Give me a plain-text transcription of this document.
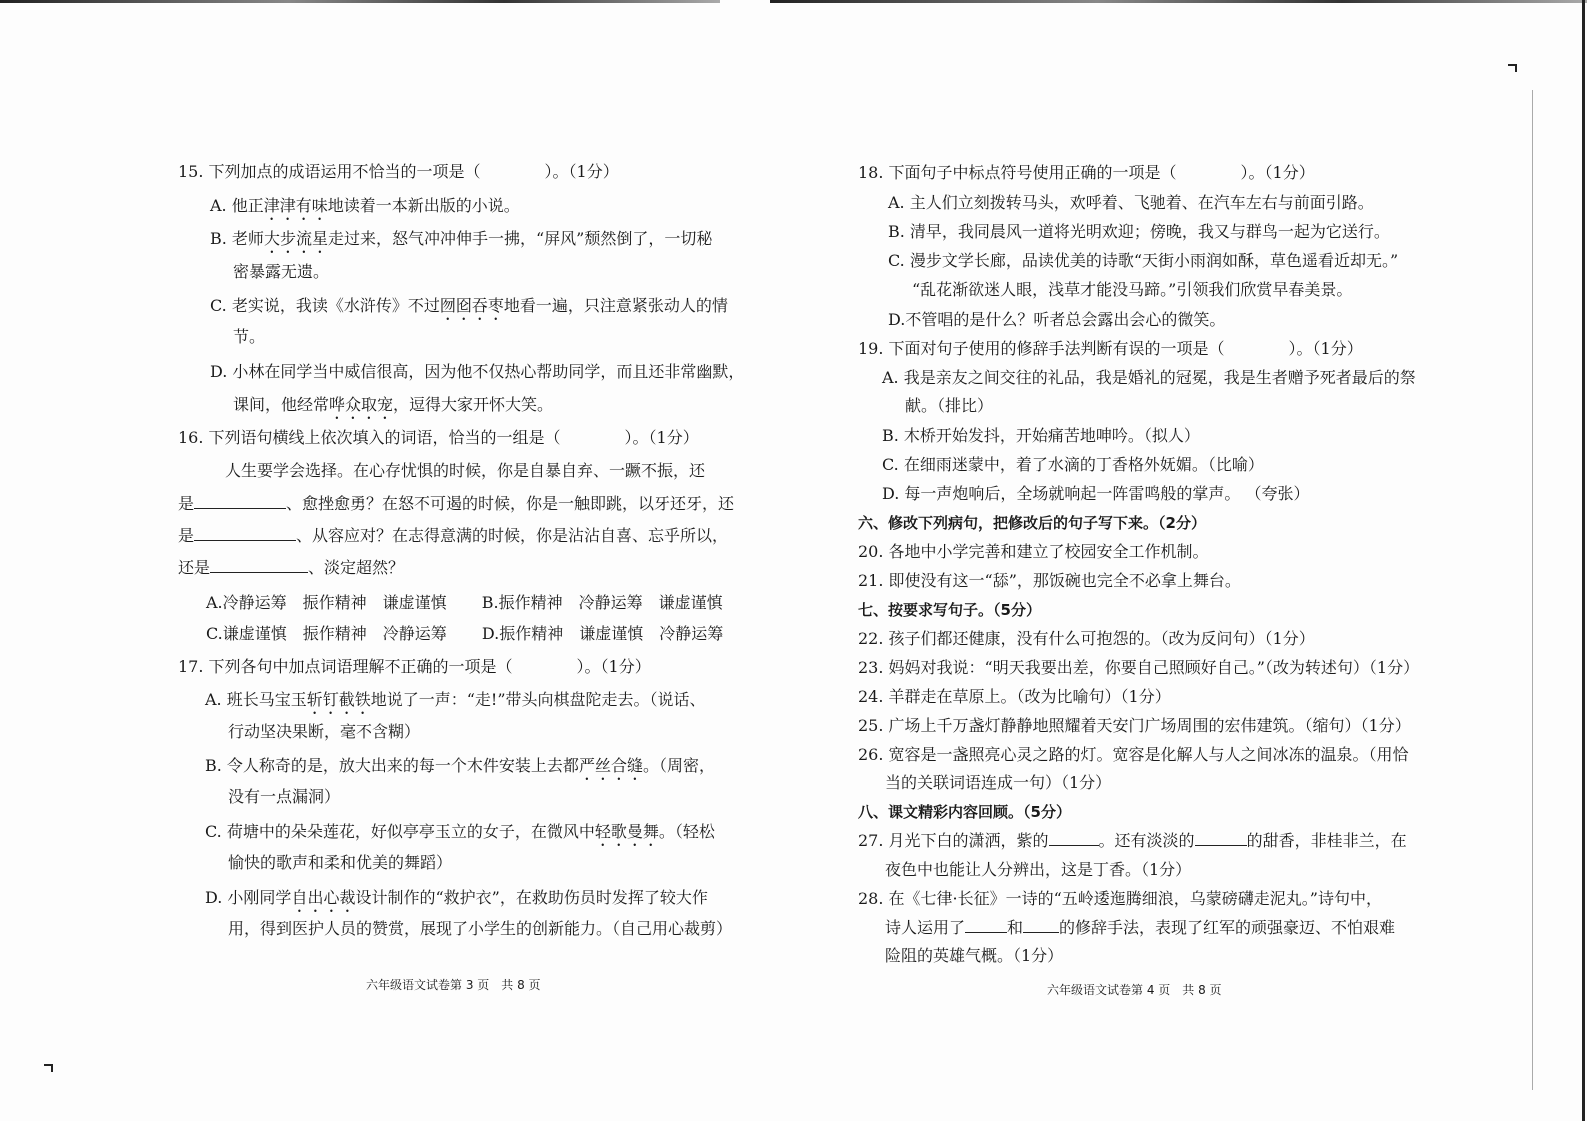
15. 下列加点的成语运用不恰当的一项是（　　　　）。（1分）
A. 他正津津有味地读着一本新出版的小说。
B. 老师大步流星走过来，怒气冲冲伸手一拂，“屏风”颓然倒了，一切秘
密暴露无遗。
C. 老实说，我读《水浒传》不过囫囵吞枣地看一遍，只注意紧张动人的情
节。
D. 小林在同学当中威信很高，因为他不仅热心帮助同学，而且还非常幽默，
课间，他经常哗众取宠，逗得大家开怀大笑。
16. 下列语句横线上依次填入的词语，恰当的一组是（　　　　）。（1分）
人生要学会选择。在心存忧惧的时候，你是自暴自弃、一蹶不振，还
是	、愈挫愈勇？在怒不可遏的时候，你是一触即跳，以牙还牙，还
是	、从容应对？在志得意满的时候，你是沾沾自喜、忘乎所以，
还是	、淡定超然？
A.冷静运筹 振作精神 谦虚谨慎 B.振作精神 冷静运筹 谦虚谨慎
C.谦虚谨慎 振作精神 冷静运筹 D.振作精神 谦虚谨慎 冷静运筹
17. 下列各句中加点词语理解不正确的一项是（　　　　）。（1分）
A. 班长马宝玉斩钉截铁地说了一声：“走!”带头向棋盘陀走去。（说话、
行动坚决果断，毫不含糊）
B. 令人称奇的是，放大出来的每一个木件安装上去都严丝合缝。（周密，
没有一点漏洞）
C. 荷塘中的朵朵莲花，好似亭亭玉立的女子，在微风中轻歌曼舞。（轻松
愉快的歌声和柔和优美的舞蹈）
D. 小刚同学自出心裁设计制作的“救护衣”，在救助伤员时发挥了较大作
用，得到医护人员的赞赏，展现了小学生的创新能力。（自己用心裁剪）
六年级语文试卷第 3 页　共 8 页
18. 下面句子中标点符号使用正确的一项是（　　　　）。（1分）
A. 主人们立刻拨转马头，欢呼着、飞驰着、在汽车左右与前面引路。
B. 清早，我同晨风一道将光明欢迎；傍晚，我又与群鸟一起为它送行。
C. 漫步文学长廊，品读优美的诗歌“天街小雨润如酥，草色遥看近却无。”
“乱花渐欲迷人眼，浅草才能没马蹄。”引领我们欣赏早春美景。
D.不管唱的是什么？听者总会露出会心的微笑。
19. 下面对句子使用的修辞手法判断有误的一项是（　　　　）。（1分）
A. 我是亲友之间交往的礼品，我是婚礼的冠冕，我是生者赠予死者最后的祭
献。（排比）
B. 木桥开始发抖，开始痛苦地呻吟。（拟人）
C. 在细雨迷蒙中，着了水滴的丁香格外妩媚。（比喻）
D. 每一声炮响后，全场就响起一阵雷鸣般的掌声。 （夸张）
六、修改下列病句，把修改后的句子写下来。（2分）
20. 各地中小学完善和建立了校园安全工作机制。
21. 即使没有这一“舔”，那饭碗也完全不必拿上舞台。
七、按要求写句子。（5分）
22. 孩子们都还健康，没有什么可抱怨的。（改为反问句）（1分）
23. 妈妈对我说：“明天我要出差，你要自己照顾好自己。”（改为转述句）（1分）
24. 羊群走在草原上。（改为比喻句）（1分）
25. 广场上千万盏灯静静地照耀着天安门广场周围的宏伟建筑。（缩句）（1分）
26. 宽容是一盏照亮心灵之路的灯。宽容是化解人与人之间冰冻的温泉。（用恰
当的关联词语连成一句）（1分）
八、课文精彩内容回顾。（5分）
27. 月光下白的潇洒，紫的	。还有淡淡的	的甜香，非桂非兰，在
夜色中也能让人分辨出，这是丁香。（1分）
28. 在《七律·长征》一诗的“五岭逶迤腾细浪，乌蒙磅礴走泥丸。”诗句中，
诗人运用了	和 的修辞手法，表现了红军的顽强豪迈、不怕艰难
险阻的英雄气概。（1分）
六年级语文试卷第 4 页　共 8 页
